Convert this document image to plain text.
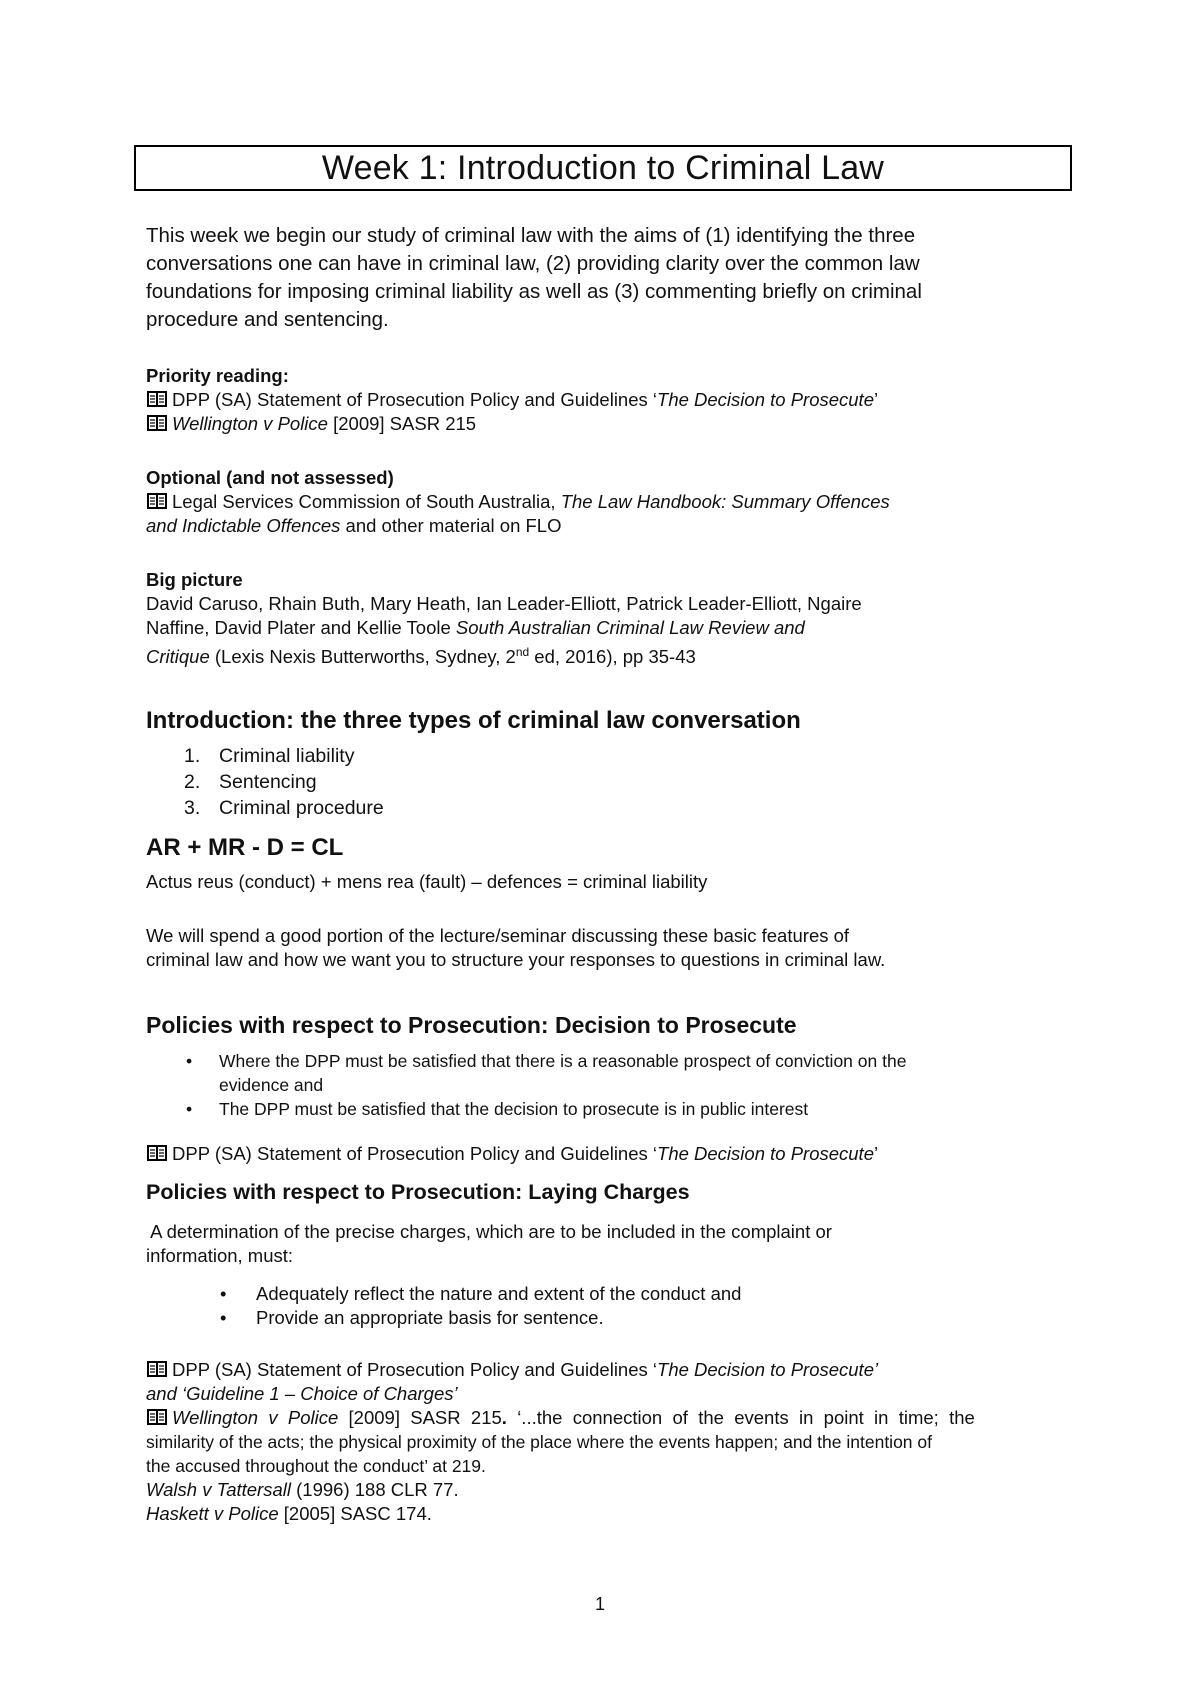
Week 1: Introduction to Criminal Law
This week we begin our study of criminal law with the aims of (1) identifying the three
conversations one can have in criminal law, (2) providing clarity over the common law
foundations for imposing criminal liability as well as (3) commenting briefly on criminal
procedure and sentencing.
Priority reading:
DPP (SA) Statement of Prosecution Policy and Guidelines ‘The Decision to Prosecute’
Wellington v Police [2009] SASR 215
Optional (and not assessed)
Legal Services Commission of South Australia, The Law Handbook: Summary Offences
and Indictable Offences and other material on FLO
Big picture
David Caruso, Rhain Buth, Mary Heath, Ian Leader-Elliott, Patrick Leader-Elliott, Ngaire
Naffine, David Plater and Kellie Toole South Australian Criminal Law Review and
Critique (Lexis Nexis Butterworths, Sydney, 2nd ed, 2016), pp 35-43
Introduction: the three types of criminal law conversation
1. Criminal liability
2. Sentencing
3. Criminal procedure
AR + MR - D = CL
Actus reus (conduct) + mens rea (fault) – defences = criminal liability
We will spend a good portion of the lecture/seminar discussing these basic features of
criminal law and how we want you to structure your responses to questions in criminal law.
Policies with respect to Prosecution: Decision to Prosecute
• Where the DPP must be satisfied that there is a reasonable prospect of conviction on the
evidence and
• The DPP must be satisfied that the decision to prosecute is in public interest
DPP (SA) Statement of Prosecution Policy and Guidelines ‘The Decision to Prosecute’
Policies with respect to Prosecution: Laying Charges
A determination of the precise charges, which are to be included in the complaint or
information, must:
• Adequately reflect the nature and extent of the conduct and
• Provide an appropriate basis for sentence.
DPP (SA) Statement of Prosecution Policy and Guidelines ‘The Decision to Prosecute’
and ‘Guideline 1 – Choice of Charges’
Wellington  v  Police  [2009]  SASR  215.  ‘...the  connection  of  the  events  in  point  in  time;  the
similarity of the acts; the physical proximity of the place where the events happen; and the intention of
the accused throughout the conduct’ at 219.
Walsh v Tattersall (1996) 188 CLR 77.
Haskett v Police [2005] SASC 174.
1
